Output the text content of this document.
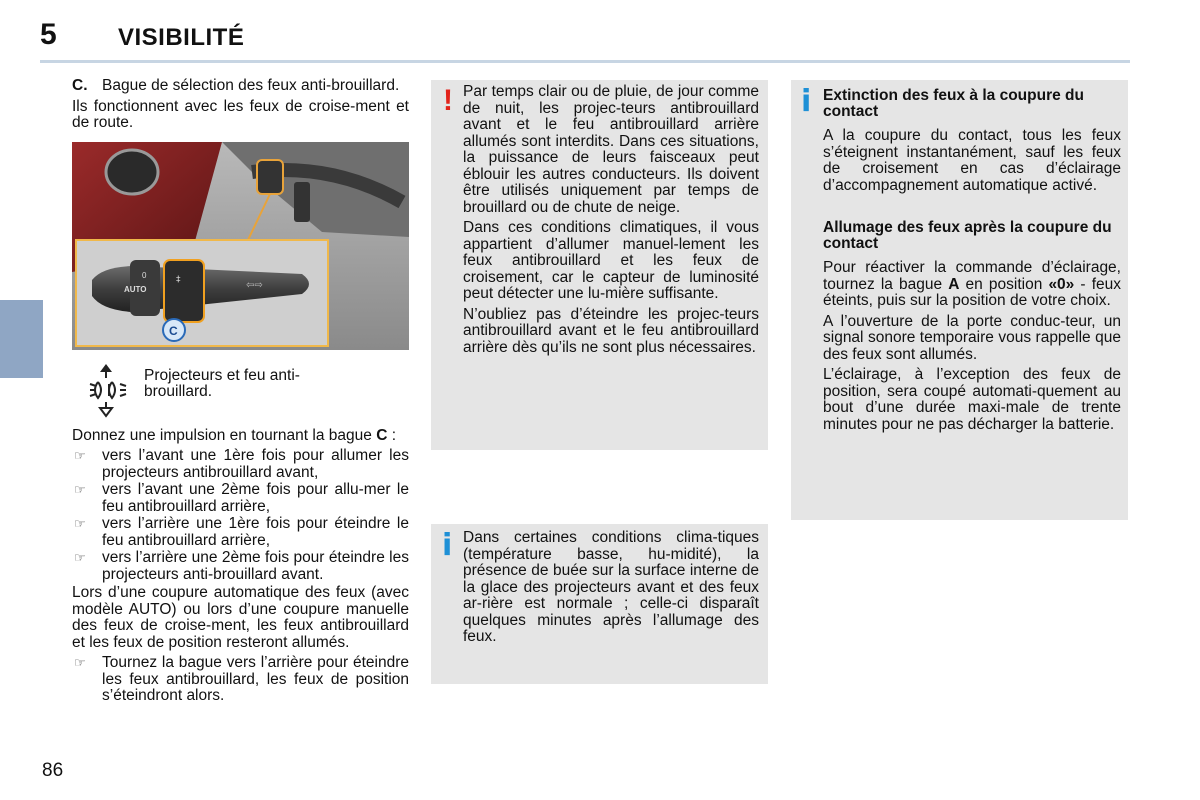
5	VISIBILITÉ

C. Bague de sélection des feux anti-brouillard.

Ils fonctionnent avec les feux de croise-ment et de route.

0
AUTO
‡	⇦⇨
C
Projecteurs et feu anti-brouillard.

Donnez une impulsion en tournant la bague C :

☞ vers l’avant une 1ère fois pour allumer les projecteurs antibrouillard avant,
☞ vers l’avant une 2ème fois pour allu-mer le feu antibrouillard arrière,
☞ vers l’arrière une 1ère fois pour éteindre le feu antibrouillard arrière,
☞ vers l’arrière une 2ème fois pour éteindre les projecteurs anti-brouillard avant.

Lors d’une coupure automatique des feux (avec modèle AUTO) ou lors d’une coupure manuelle des feux de croise-ment, les feux antibrouillard et les feux de position resteront allumés.

☞ Tournez la bague vers l’arrière pour éteindre les feux antibrouillard, les feux de position s’éteindront alors.
! Par temps clair ou de pluie, de jour comme de nuit, les projec-teurs antibrouillard avant et le feu antibrouillard arrière allumés sont interdits. Dans ces situations, la puissance de leurs faisceaux peut éblouir les autres conducteurs. Ils doivent être utilisés uniquement par temps de brouillard ou de chute de neige.

Dans ces conditions climatiques, il vous appartient d’allumer manuel-lement les feux antibrouillard et les feux de croisement, car le capteur de luminosité peut détecter une lu-mière suffisante.

N’oubliez pas d’éteindre les projec-teurs antibrouillard avant et le feu antibrouillard arrière dès qu’ils ne sont plus nécessaires.

i Dans certaines conditions clima-tiques (température basse, hu-midité), la présence de buée sur la surface interne de la glace des projecteurs avant et des feux ar-rière est normale ; celle-ci disparaît quelques minutes après l’allumage des feux.

i Extinction des feux à la coupure du contact

A la coupure du contact, tous les feux s’éteignent instantanément, sauf les feux de croisement en cas d’éclairage d’accompagnement automatique activé.

Allumage des feux après la coupure du contact

Pour réactiver la commande d’éclairage, tournez la bague A en position «0» - feux éteints, puis sur la position de votre choix.

A l’ouverture de la porte conduc-teur, un signal sonore temporaire vous rappelle que des feux sont allumés.

L’éclairage, à l’exception des feux de position, sera coupé automati-quement au bout d’une durée maxi-male de trente minutes pour ne pas décharger la batterie.

86
